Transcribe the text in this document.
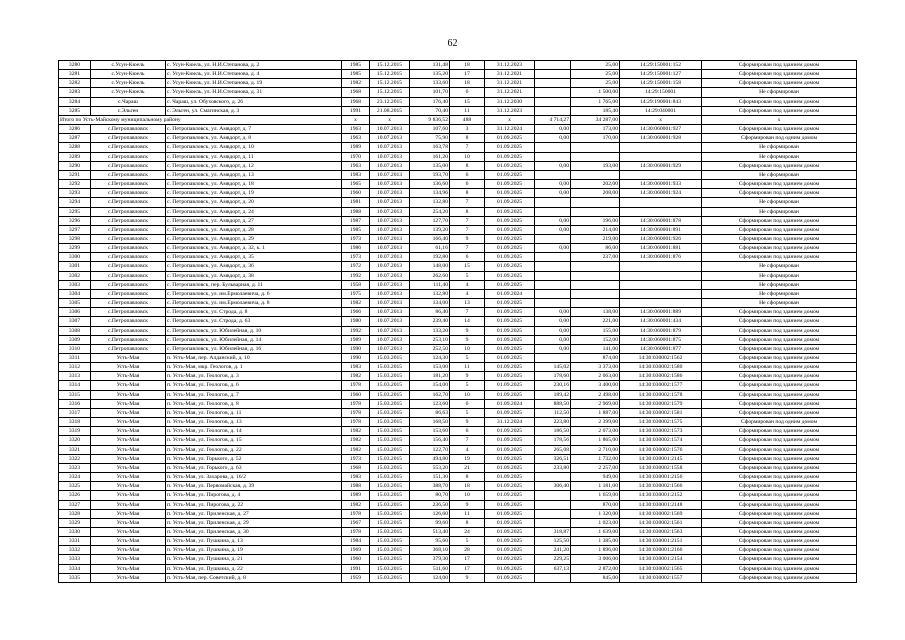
62
3280	с.Усун-Кюель	с. Усун-Кюель, ул. Н.И.Степанова, д. 2	1985	15.12.2015	131,48	18	31.12.2023		25,00	14:29:150001:152	Сформирован под зданием домом
3281	с.Усун-Кюель	с. Усун-Кюель, ул. Н.И.Степанова, д. 4	1985	15.12.2015	135,20	17	31.12.2021		25,00	14:29:150001:127	Сформирован под зданием домом
3282	с.Усун-Кюель	с. Усун-Кюель, ул. Н.И.Степанова, д. 19	1982	15.12.2015	133,60	18	31.12.2021		25,00	14:29:150001:158	Сформирован под зданием домом
3283	с.Усун-Кюель	с. Усун-Кюель, ул. Н.И.Степанова, д. 31	1968	15.12.2015	101,70	6	31.12.2021		1 500,00	14:29:150001	Не сформирован
3284	с.Чараш	с. Чараш, ул. Обуховского, д. 26	1968	23.12.2015	176,40	15	31.12.2030		1 765,00	14:29:190001:843	Сформирован под зданием домом
3285	с.Эльген	с. Эльген, ул. Смагинская, д. 3	1991	21.08.2015	70,40	11	31.12.2023		185,40	14:29:040001	Сформирован под зданием домом
Итого по Усть-Майскому муниципальному району			х	х	9 836,52	488	х	4 714,27	34 287,00	х	х
3286	с.Петропавловск	с. Петропавловск, ул. Амвдорт, д. 7	1963	10.07.2013	107,60	3	31.12.2024	0,00	173,00	14:30:060001:927	Сформирован под зданием домом
3287	с.Петропавловск	с. Петропавловск, ул. Амвдорт, д. 8	1963	10.07.2013	75,90	8	01.09.2025	0,00	170,00	14:30:060001:928	Сформирован под одним домом
3288	с.Петропавловск	с. Петропавловск, ул. Амвдорт, д. 10	1989	10.07.2013	163,78	7	01.09.2025				Не сформирован
3289	с.Петропавловск	с. Петропавловск, ул. Амвдорт, д. 11	1970	10.07.2013	161,20	10	01.09.2025				Не сформирован
3290	с.Петропавловск	с. Петропавловск, ул. Амвдорт, д. 12	1963	10.07.2013	135,00	8	01.09.2025	0,00	193,00	14:30:060001:929	Сформирован под зданием домом
3291	с.Петропавловск	с. Петропавловск, ул. Амвдорт, д. 13	1983	10.07.2013	193,70	6	01.09.2025				Не сформирован
3292	с.Петропавловск	с. Петропавловск, ул. Амвдорт, д. 18	1965	10.07.2013	136,60	6	01.09.2025	0,00	202,00	14:30:060001:933	Сформирован под зданием домом
3293	с.Петропавловск	с. Петропавловск, ул. Амвдорт, д. 19	1960	10.07.2013	134,96	8	01.09.2025	0,00	208,00	14:30:060001:924	Сформирован под зданием домом
3294	с.Петропавловск	с. Петропавловск, ул. Амвдорт, д. 20	1981	10.07.2013	132,80	7	01.09.2025				Не сформирован
3295	с.Петропавловск	с. Петропавловск, ул. Амвдорт, д. 24	1988	10.07.2013	254,20	8	01.09.2025				Не сформирован
3296	с.Петропавловск	с. Петропавловск, ул. Амвдорт, д. 27	1987	10.07.2013	127,70	7	01.09.2025	0,00	196,00	14:30:060001:878	Сформирован под зданием домом
3297	с.Петропавловск	с. Петропавловск, ул. Амвдорт, д. 28	1985	10.07.2013	139,20	7	01.09.2025	0,00	214,00	14:30:060001:891	Сформирован под зданием домом
3298	с.Петропавловск	с. Петропавловск, ул. Амвдорт, д. 29	1973	10.07.2013	166,40	9	01.09.2025		219,00	14:30:060001:926	Сформирован под зданием домом
3299	с.Петропавловск	с. Петропавловск, ул. Амвдорт, д. 32, к. 1	1986	10.07.2013	61,16	7	01.09.2025	0,00	86,00	14:30:060001:881	Сформирован под зданием домом
3300	с.Петропавловск	с. Петропавловск, ул. Амвдорт, д. 35	1973	10.07.2013	192,80	6	01.09.2025		237,00	14:30:060001:876	Сформирован под зданием домом
3301	с.Петропавловск	с. Петропавловск, ул. Амвдорт, д. 36	1972	10.07.2013	148,00	15	01.09.2025				Не сформирован
3302	с.Петропавловск	с. Петропавловск, ул. Амвдорт, д. 38	1992	10.07.2013	262,60	5	01.09.2025				Не сформирован
3303	с.Петропавловск	с. Петропавловск, пер. Бульварная, д. 11	1958	10.07.2013	111,40	4	01.09.2025				Не сформирован
3304	с.Петропавловск	с. Петропавловск, ул. им.Ермолаевича, д. 6	1975	10.07.2013	132,80	4	01.09.2024				Не сформирован
3305	с.Петропавловск	с. Петропавловск, ул. им.Ермолаевича, д. 8	1982	10.07.2013	134,00	13	01.09.2025				Не сформирован
3306	с.Петропавловск	с. Петропавловск, ул. Строда, д. 8	1966	10.07.2013	86,40	7	01.09.2025	0,00	138,00	14:30:060001:889	Сформирован под зданием домом
3307	с.Петропавловск	с. Петропавловск, ул. Строда, д. 63	1980	10.07.2013	239,40	14	01.09.2025	0,00	221,00	14:30:060001:434	Сформирован под зданием домом
3308	с.Петропавловск	с. Петропавловск, ул. Юбилейная, д. 10	1992	10.07.2013	133,20	9	01.09.2025	0,00	155,00	14:30:060001:879	Сформирован под зданием домом
3309	с.Петропавловск	с. Петропавловск, ул. Юбилейная, д. 14	1989	10.07.2013	253,10	9	01.09.2025	0,00	152,00	14:30:060001:875	Сформирован под зданием домом
3310	с.Петропавловск	с. Петропавловск, ул. Юбилейная, д. 16	1990	10.07.2013	252,50	10	01.09.2025	0,00	141,00	14:30:060001:877	Сформирован под зданием домом
3311	Усть-Мая	п. Усть-Мая, пер. Алданский, д. 10	1990	15.03.2015	124,30	5	01.09.2025		874,00	14:30:030002:1562	Сформирован под зданием домом
3312	Усть-Мая	п. Усть-Мая, мкр. Геологов, д. 1	1983	15.03.2015	153,00	11	01.09.2025	145,02	3 373,00	14:30:030002:1580	Сформирован под зданием домом
3313	Усть-Мая	п. Усть-Мая, ул. Геологов, д. 3	1982	15.03.2015	181,20	9	01.09.2025	178,60	2 063,00	14:30:030002:1586	Сформирован под зданием домом
3314	Усть-Мая	п. Усть-Мая, ул. Геологов, д. 6	1978	15.03.2015	154,00	5	01.09.2025	230,16	3 400,00	14:30:030002:1577	Сформирован под зданием домом
3315	Усть-Мая	п. Усть-Мая, ул. Геологов, д. 7	1960	15.03.2015	162,70	10	01.09.2025	189,42	2 498,00	14:30:030002:1578	Сформирован под зданием домом
3316	Усть-Мая	п. Усть-Мая, ул. Геологов, д. 8	1978	15.03.2015	123,60	6	01.09.2024	888,50	2 969,00	14:30:030002:1579	Сформирован под зданием домом
3317	Усть-Мая	п. Усть-Мая, ул. Геологов, д. 11	1978	15.03.2015	86,63	5	01.09.2025	112,50	1 887,00	14:30:030002:1581	Сформирован под зданием домом
3318	Усть-Мая	п. Усть-Мая, ул. Геологов, д. 13	1978	15.03.2015	168,50	9	31.12.2024	223,80	2 399,00	14:30:030002:1575	Сформирован под одним домом
3319	Усть-Мая	п. Усть-Мая, ул. Геологов, д. 14	1982	15.03.2015	153,60	6	01.09.2025	186,50	2 073,00	14:30:030002:1573	Сформирован под зданием домом
3320	Усть-Мая	п. Усть-Мая, ул. Геологов, д. 15	1982	15.03.2015	156,40	7	01.09.2025	178,56	1 865,00	14:30:030002:1574	Сформирован под зданием домом
3321	Усть-Мая	п. Усть-Мая, ул. Геологов, д. 22	1982	15.03.2015	122,70	4	01.09.2025	265,08	2 710,00	14:30:030002:1576	Сформирован под зданием домом
3322	Усть-Мая	п. Усть-Мая, ул. Горького, д. 52	1973	15.03.2015	494,80	19	01.09.2025	326,51	1 732,00	14:30:030001:2145	Сформирован под зданием домом
3323	Усть-Мая	п. Усть-Мая, ул. Горького, д. 63	1968	15.03.2015	553,20	21	01.09.2025	233,80	2 257,00	14:30:030002:1558	Сформирован под зданием домом
3324	Усть-Мая	п. Усть-Мая, ул. Захарова, д. 16/2	1983	15.03.2015	151,30	8	01.09.2025		949,00	14:30:030001:2156	Сформирован под зданием домом
3325	Усть-Мая	п. Усть-Мая, ул. Первомайская, д. 39	1988	15.03.2015	388,70	18	01.09.2025	306,40	1 181,00	14:30:030002:1566	Сформирован под зданием домом
3326	Усть-Мая	п. Усть-Мая, ул. Пирогова, д. 4	1989	15.03.2015	80,70	10	01.09.2025		1 659,00	14:30:030001:2152	Сформирован под зданием домом
3327	Усть-Мая	п. Усть-Мая, ул. Пирогова, д. 22	1982	15.03.2015	236,50	9	01.09.2025		870,00	14:30:030001:2148	Сформирован под зданием домом
3328	Усть-Мая	п. Усть-Мая, ул. Приленская, д. 27	1978	15.03.2015	126,60	11	01.09.2025		1 320,00	14:30:030002:1569	Сформирован под зданием домом
3329	Усть-Мая	п. Усть-Мая, ул. Приленская, д. 29	1967	15.03.2015	99,60	8	01.09.2025		1 023,00	14:30:030002:1561	Сформирован под зданием домом
3330	Усть-Мая	п. Усть-Мая, ул. Приленская, д. 30	1978	15.03.2015	513,40	24	01.09.2025	318,87	1 639,00	14:30:030002:1563	Сформирован под зданием домом
3331	Усть-Мая	п. Усть-Мая, ул. Пушкина, д. 13	1984	15.03.2015	95,60	5	01.09.2025	125,50	1 385,00	14:30:030001:2151	Сформирован под зданием домом
3332	Усть-Мая	п. Усть-Мая, ул. Пушкина, д. 19	1969	15.03.2015	368,10	28	01.09.2025	241,20	1 896,00	14:30:030001:2166	Сформирован под зданием домом
3333	Усть-Мая	п. Усть-Мая, ул. Пушкина, д. 21	1960	15.03.2015	379,30	17	01.09.2025	229,25	3 006,00	14:30:030001:2154	Сформирован под зданием домом
3334	Усть-Мая	п. Усть-Мая, ул. Пушкина, д. 22	1991	15.03.2015	511,60	17	01.09.2025	637,13	2 872,00	14:30:030002:1565	Сформирован под зданием домом
3335	Усть-Мая	п. Усть-Мая, пер. Советский, д. 8	1959	15.03.2015	124,00	9	01.09.2025		845,00	14:30:030002:1557	Сформирован под зданием домом
